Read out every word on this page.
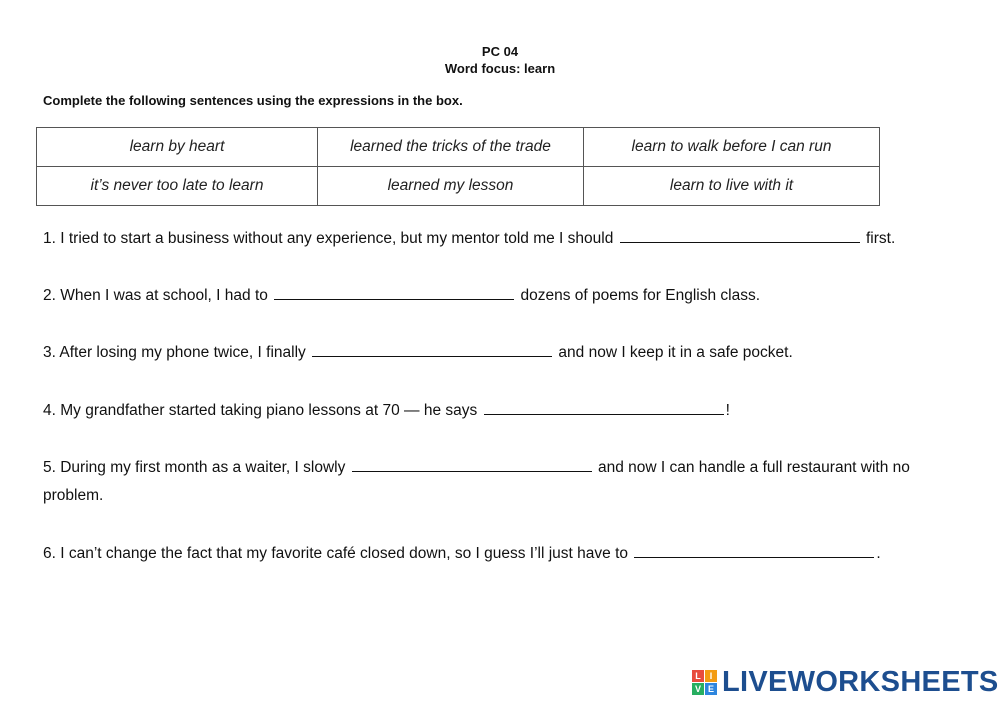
PC 04
Word focus: learn
Complete the following sentences using the expressions in the box.
learn by heart	learned the tricks of the trade	learn to walk before I can run
it’s never too late to learn	learned my lesson	learn to live with it
1. I tried to start a business without any experience, but my mentor told me I should	first.
2. When I was at school, I had to	dozens of poems for English class.
3. After losing my phone twice, I finally	and now I keep it in a safe pocket.
4. My grandfather started taking piano lessons at 70 — he says	!
5. During my first month as a waiter, I slowly	and now I can handle a full restaurant with no problem.
6. I can’t change the fact that my favorite café closed down, so I guess I’ll just have to	.
L I
V E LIVEWORKSHEETS
